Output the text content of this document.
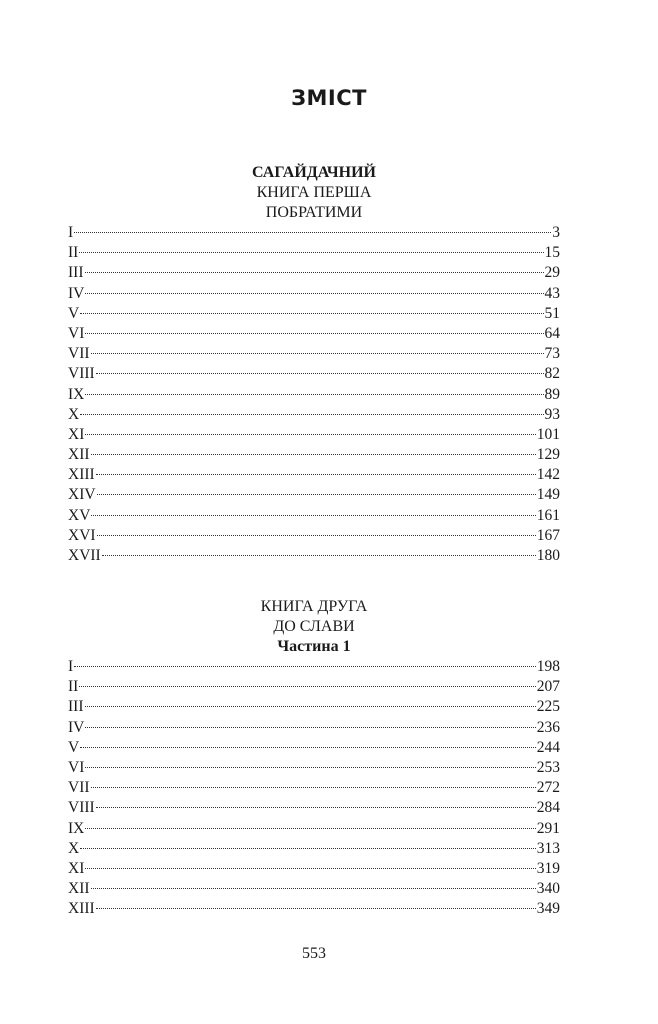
ЗМІСТ
САГАЙДАЧНИЙ
КНИГА ПЕРША
ПОБРАТИМИ
I	3
II	15
III	29
IV	43
V	51
VI	64
VII	73
VIII	82
IX	89
X	93
XI	101
XII	129
XIII	142
XIV	149
XV	161
XVI	167
XVII	180
КНИГА ДРУГА
ДО СЛАВИ
Частина 1
I	198
II	207
III	225
IV	236
V	244
VI	253
VII	272
VIII	284
IX	291
X	313
XI	319
XII	340
XIII	349
553
